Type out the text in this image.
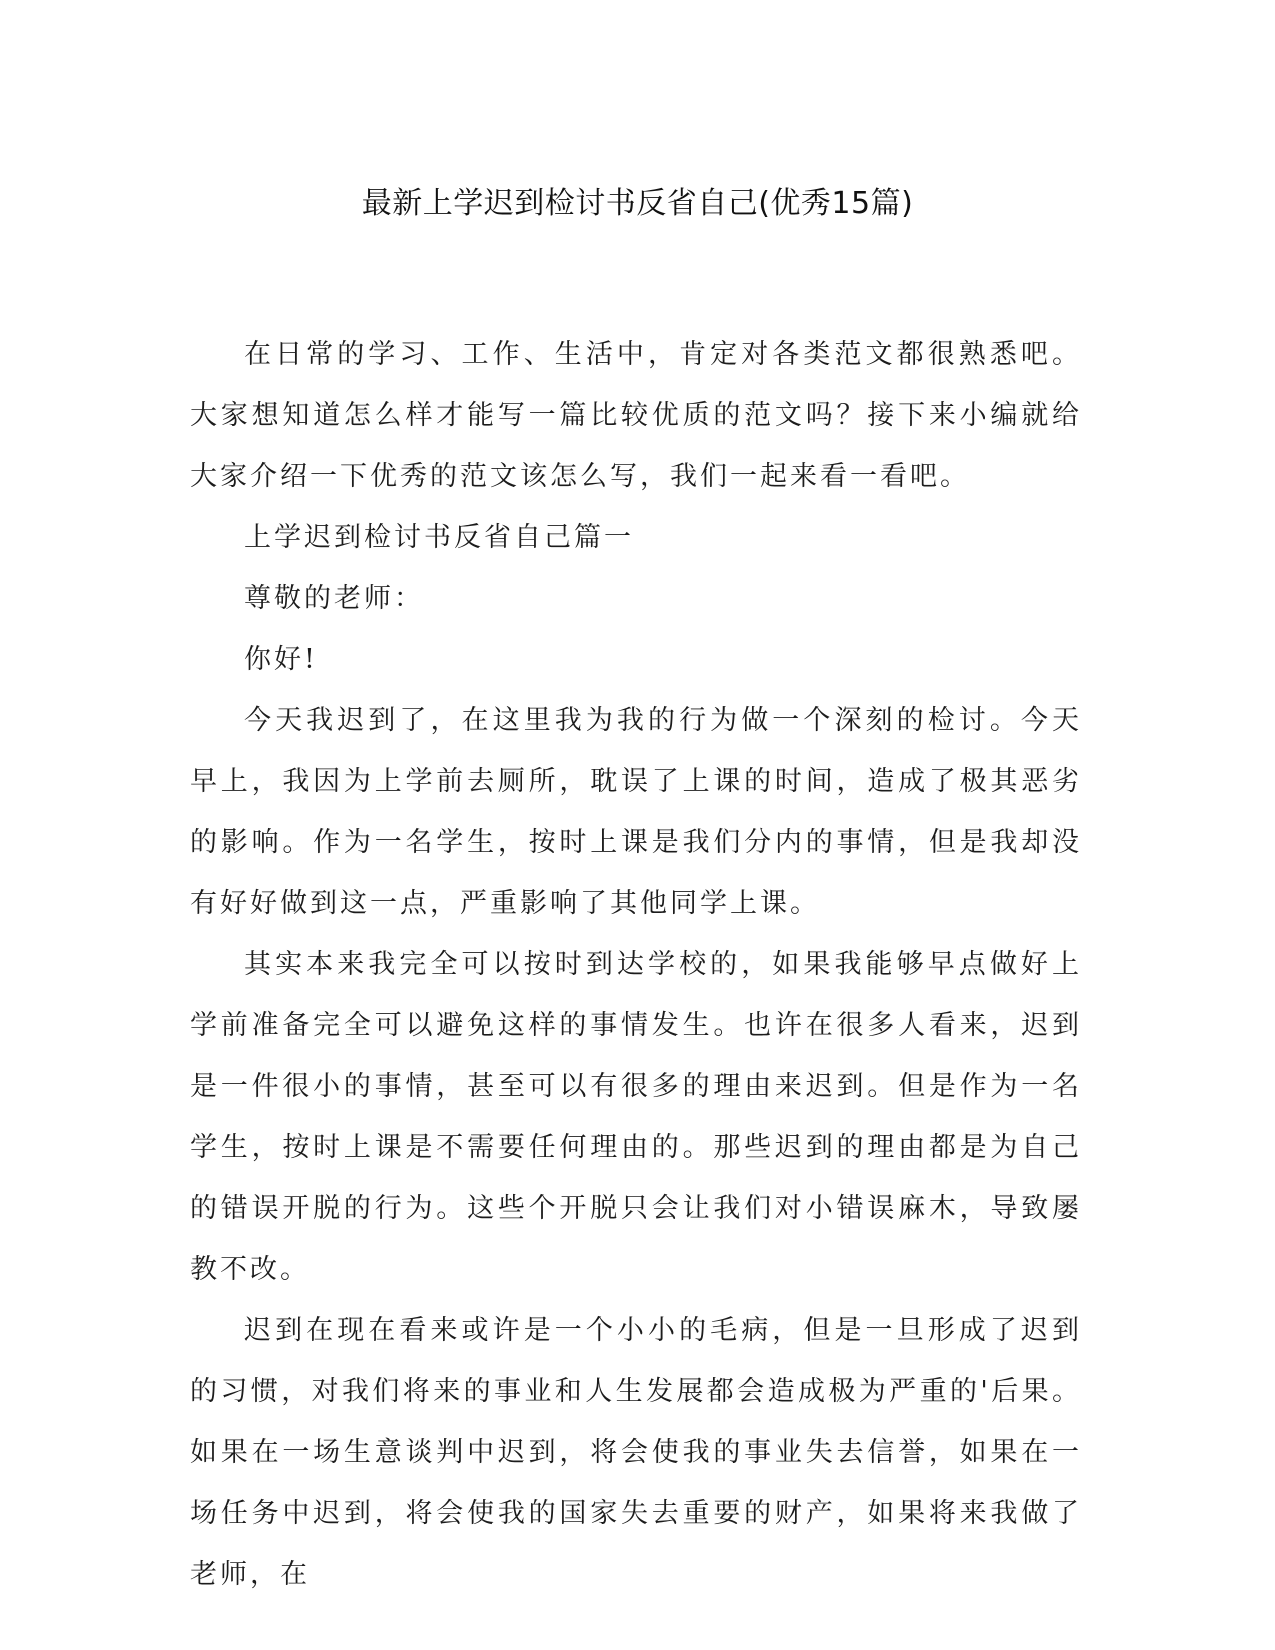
最新上学迟到检讨书反省自己(优秀15篇)

在日常的学习、工作、生活中，肯定对各类范文都很熟悉吧。大家想知道怎么样才能写一篇比较优质的范文吗？接下来小编就给大家介绍一下优秀的范文该怎么写，我们一起来看一看吧。

上学迟到检讨书反省自己篇一

尊敬的老师：

你好!

今天我迟到了，在这里我为我的行为做一个深刻的检讨。今天早上，我因为上学前去厕所，耽误了上课的时间，造成了极其恶劣的影响。作为一名学生，按时上课是我们分内的事情，但是我却没有好好做到这一点，严重影响了其他同学上课。

其实本来我完全可以按时到达学校的，如果我能够早点做好上学前准备完全可以避免这样的事情发生。也许在很多人看来，迟到是一件很小的事情，甚至可以有很多的理由来迟到。但是作为一名学生，按时上课是不需要任何理由的。那些迟到的理由都是为自己的错误开脱的行为。这些个开脱只会让我们对小错误麻木，导致屡教不改。

迟到在现在看来或许是一个小小的毛病，但是一旦形成了迟到的习惯，对我们将来的事业和人生发展都会造成极为严重的'后果。如果在一场生意谈判中迟到，将会使我的事业失去信誉，如果在一场任务中迟到，将会使我的国家失去重要的财产，如果将来我做了老师，在
